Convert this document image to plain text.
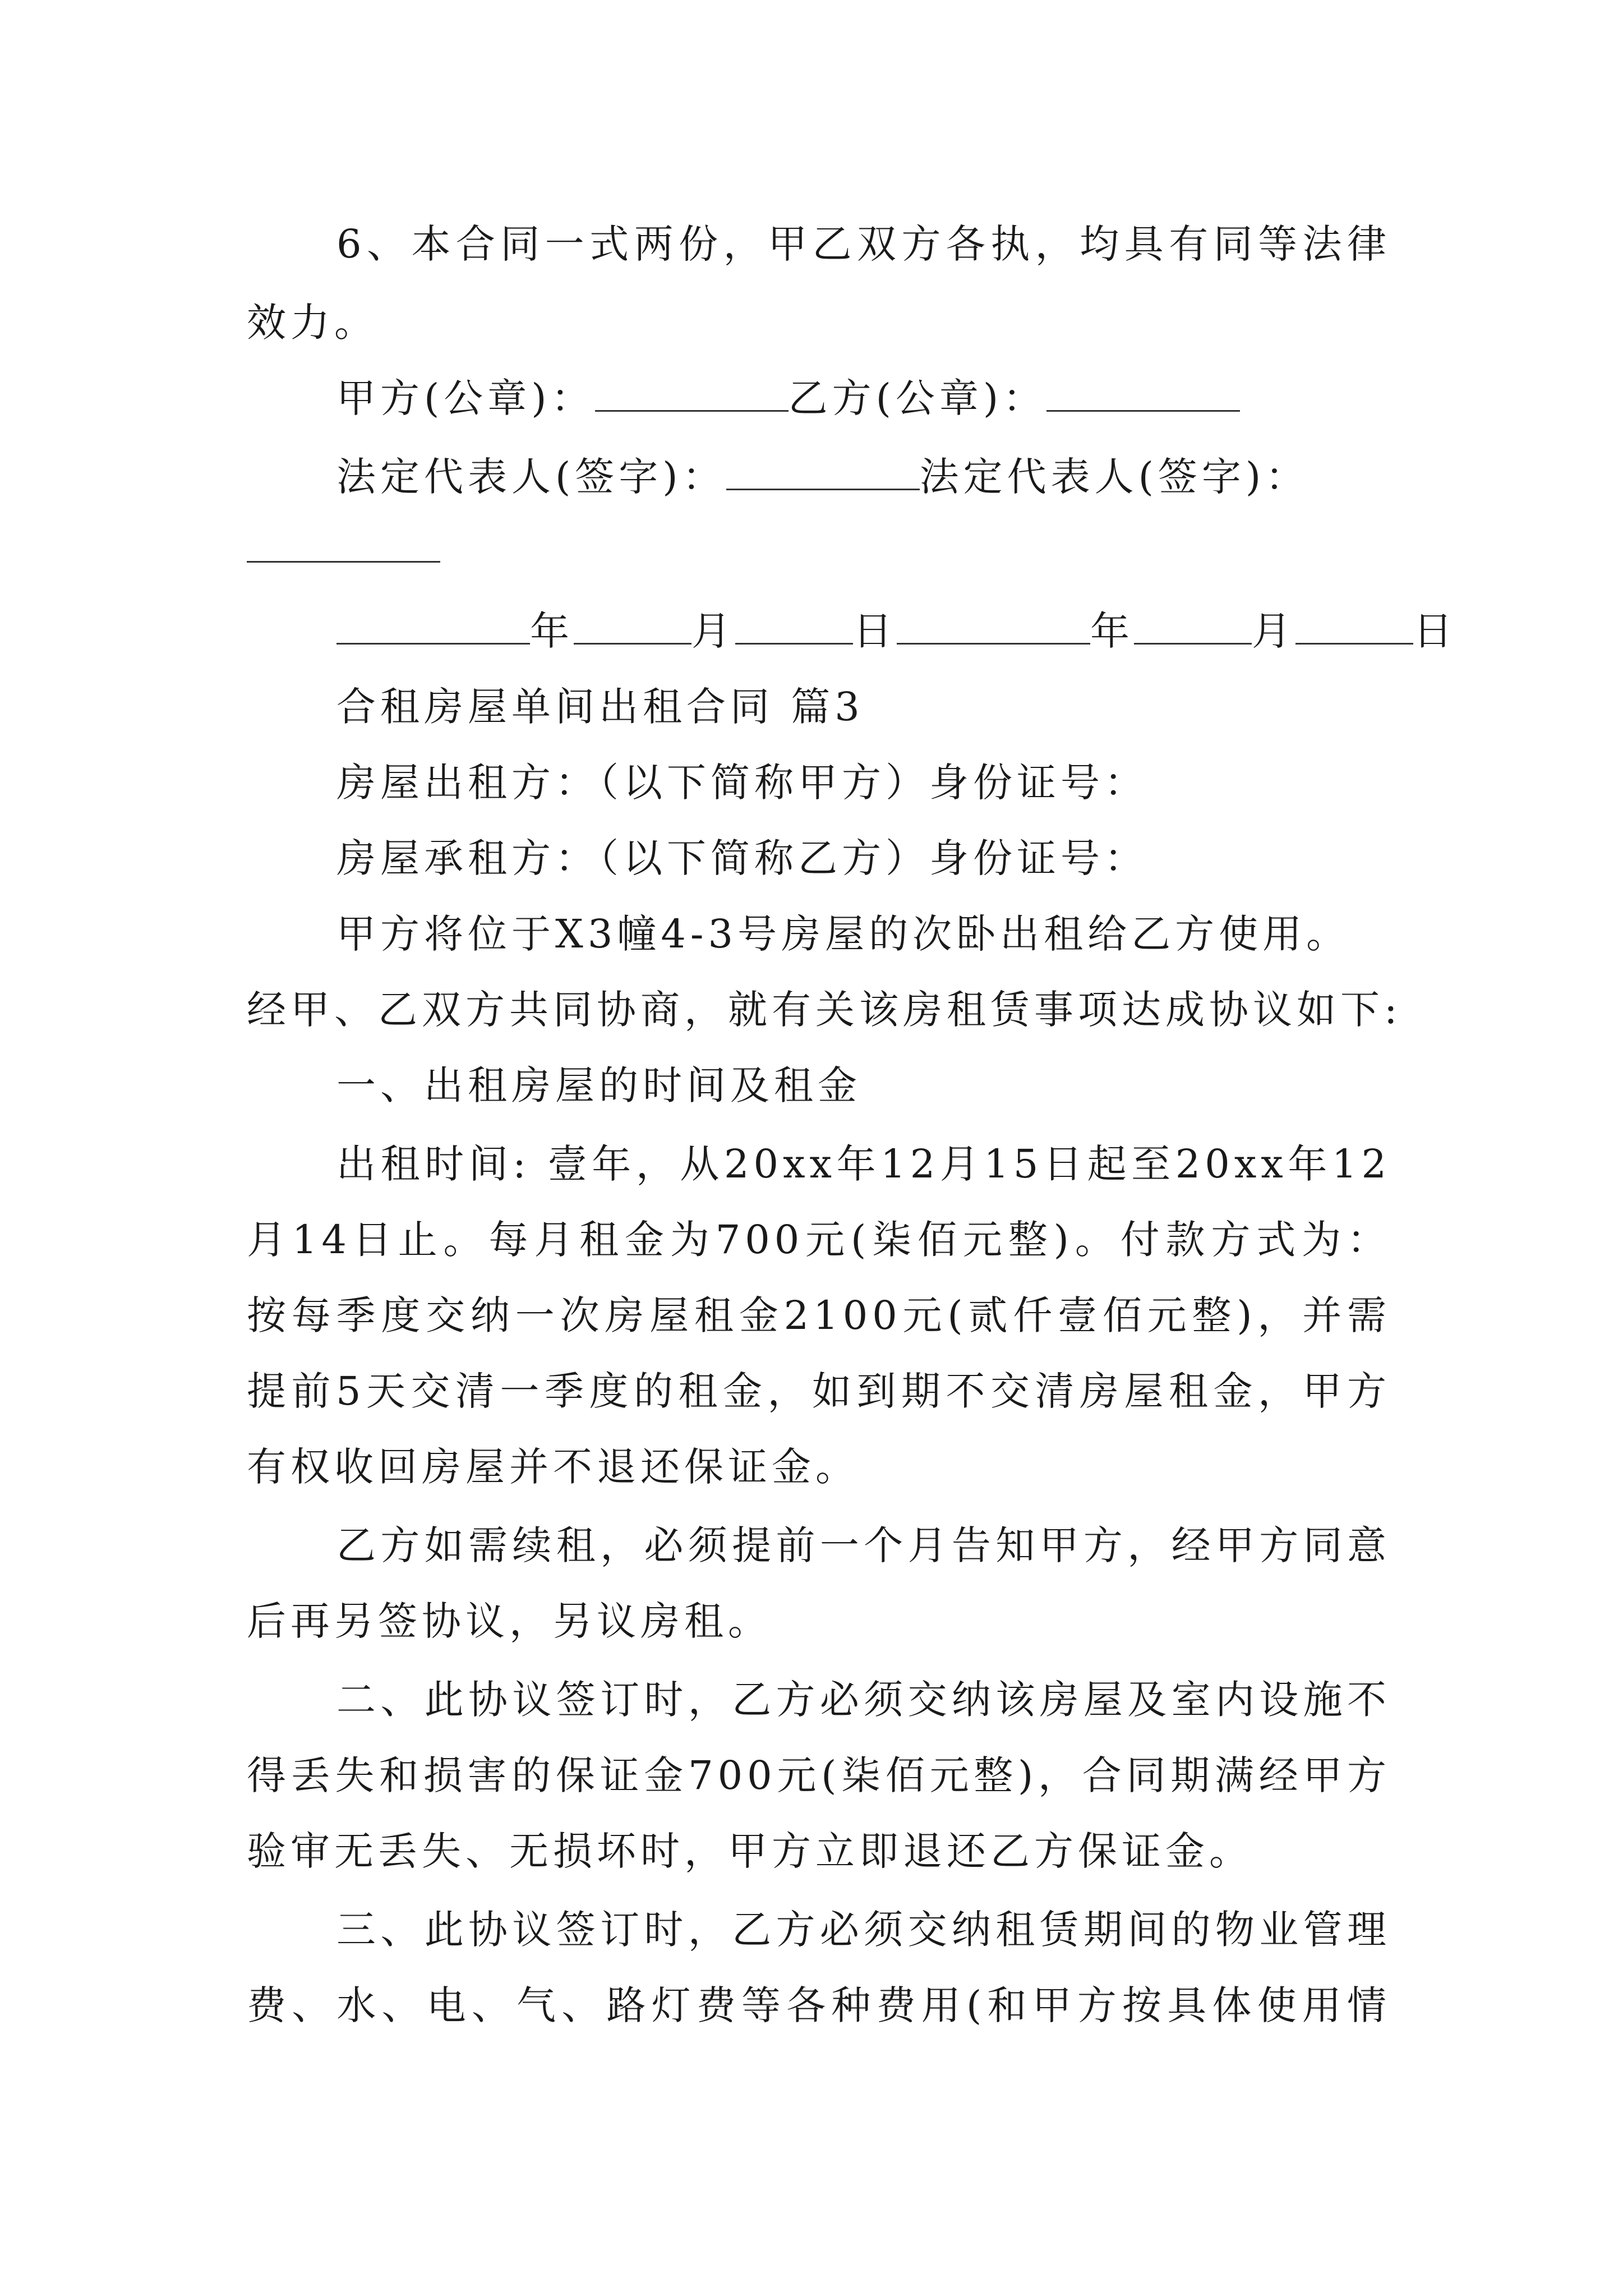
6、本合同一式两份，甲乙双方各执，均具有同等法律
效力。
甲方(公章)：	乙方(公章)：
法定代表人(签字)：	法定代表人(签字)：
年	月	日	年	月	日
合租房屋单间出租合同 篇3
房屋出租方：（以下简称甲方）身份证号：
房屋承租方：（以下简称乙方）身份证号：
甲方将位于X3幢4-3号房屋的次卧出租给乙方使用。
经甲、乙双方共同协商，就有关该房租赁事项达成协议如下:
一、出租房屋的时间及租金
出租时间: 壹年，从20xx年12月15日起至20xx年12
月14日止。每月租金为700元(柒佰元整)。付款方式为：
按每季度交纳一次房屋租金2100元(贰仟壹佰元整)，并需
提前5天交清一季度的租金，如到期不交清房屋租金，甲方
有权收回房屋并不退还保证金。
乙方如需续租，必须提前一个月告知甲方，经甲方同意
后再另签协议，另议房租。
二、此协议签订时，乙方必须交纳该房屋及室内设施不
得丢失和损害的保证金700元(柒佰元整)，合同期满经甲方
验审无丢失、无损坏时，甲方立即退还乙方保证金。
三、此协议签订时，乙方必须交纳租赁期间的物业管理
费、水、电、气、路灯费等各种费用(和甲方按具体使用情
